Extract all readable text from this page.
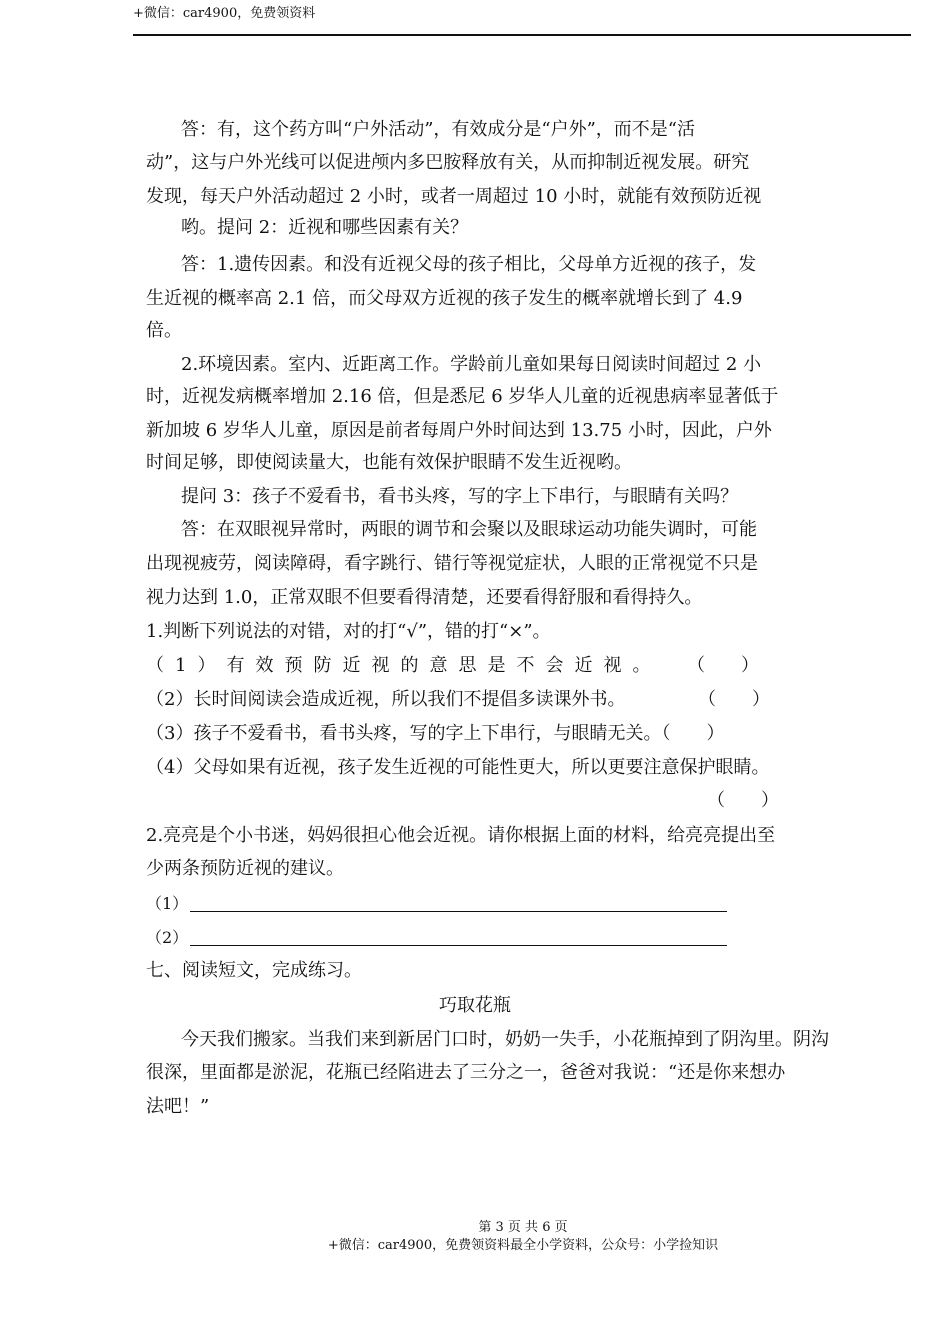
+微信：car4900，免费领资料
答：有，这个药方叫“户外活动”，有效成分是“户外”，而不是“活
动”，这与户外光线可以促进颅内多巴胺释放有关，从而抑制近视发展。研究
发现，每天户外活动超过 2 小时，或者一周超过 10 小时，就能有效预防近视
哟。提问 2：近视和哪些因素有关？
答：1.遗传因素。和没有近视父母的孩子相比，父母单方近视的孩子，发
生近视的概率高 2.1 倍，而父母双方近视的孩子发生的概率就增长到了 4.9
倍。
2.环境因素。室内、近距离工作。学龄前儿童如果每日阅读时间超过 2 小
时，近视发病概率增加 2.16 倍，但是悉尼 6 岁华人儿童的近视患病率显著低于
新加坡 6 岁华人儿童，原因是前者每周户外时间达到 13.75 小时，因此，户外
时间足够，即使阅读量大，也能有效保护眼睛不发生近视哟。
提问 3：孩子不爱看书，看书头疼，写的字上下串行，与眼睛有关吗？
答：在双眼视异常时，两眼的调节和会聚以及眼球运动功能失调时，可能
出现视疲劳，阅读障碍，看字跳行、错行等视觉症状，人眼的正常视觉不只是
视力达到 1.0，正常双眼不但要看得清楚，还要看得舒服和看得持久。
1.判断下列说法的对错，对的打“√”，错的打“×”。
（1）有效预防近视的意思是不会近视。 （　　）
（2）长时间阅读会造成近视，所以我们不提倡多读课外书。	（　　）
（3）孩子不爱看书，看书头疼，写的字上下串行，与眼睛无关。（　　）
（4）父母如果有近视，孩子发生近视的可能性更大，所以更要注意保护眼睛。
（　　）
2.亮亮是个小书迷，妈妈很担心他会近视。请你根据上面的材料，给亮亮提出至
少两条预防近视的建议。
（1）
（2）
七、阅读短文，完成练习。
巧取花瓶
今天我们搬家。当我们来到新居门口时，奶奶一失手，小花瓶掉到了阴沟里。阴沟
很深，里面都是淤泥，花瓶已经陷进去了三分之一，爸爸对我说：“还是你来想办
法吧！”
第 3 页 共 6 页
+微信：car4900，免费领资料最全小学资料，公众号：小学捡知识
